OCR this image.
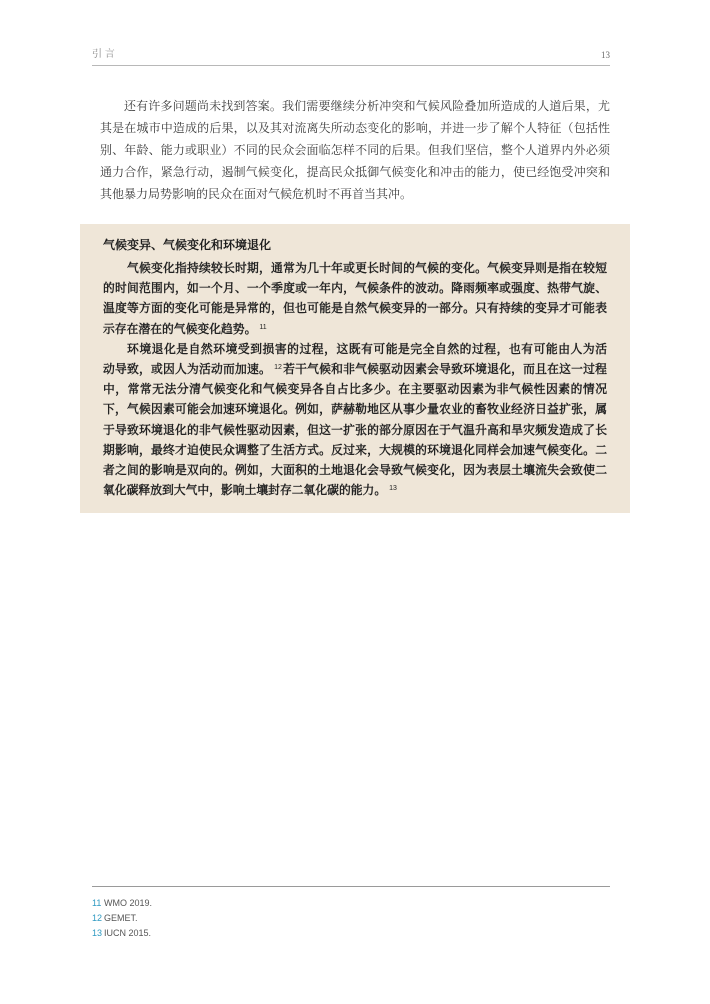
引 言	13
还有许多问题尚未找到答案。我们需要继续分析冲突和气候风险叠加所造成的人道后果，尤
其是在城市中造成的后果，以及其对流离失所动态变化的影响，并进一步了解个人特征（包括性
别、年龄、能力或职业）不同的民众会面临怎样不同的后果。但我们坚信，整个人道界内外必须
通力合作，紧急行动，遏制气候变化，提高民众抵御气候变化和冲击的能力，使已经饱受冲突和
其他暴力局势影响的民众在面对气候危机时不再首当其冲。
气候变异、气候变化和环境退化
气候变化指持续较长时期，通常为几十年或更长时间的气候的变化。气候变异则是指在较短
的时间范围内，如一个月、一个季度或一年内，气候条件的波动。降雨频率或强度、热带气旋、
温度等方面的变化可能是异常的，但也可能是自然气候变异的一部分。只有持续的变异才可能表
示存在潜在的气候变化趋势。 $^{11}$
环境退化是自然环境受到损害的过程，这既有可能是完全自然的过程，也有可能由人为活
动导致，或因人为活动而加速。 $^{12}$若干气候和非气候驱动因素会导致环境退化，而且在这一过程
中，常常无法分清气候变化和气候变异各自占比多少。在主要驱动因素为非气候性因素的情况
下，气候因素可能会加速环境退化。例如，萨赫勒地区从事少量农业的畜牧业经济日益扩张，属
于导致环境退化的非气候性驱动因素，但这一扩张的部分原因在于气温升高和旱灾频发造成了长
期影响，最终才迫使民众调整了生活方式。反过来，大规模的环境退化同样会加速气候变化。二
者之间的影响是双向的。例如，大面积的土地退化会导致气候变化，因为表层土壤流失会致使二
氧化碳释放到大气中，影响土壤封存二氧化碳的能力。 $^{13}$
11 WMO 2019.
12 GEMET.
13 IUCN 2015.
